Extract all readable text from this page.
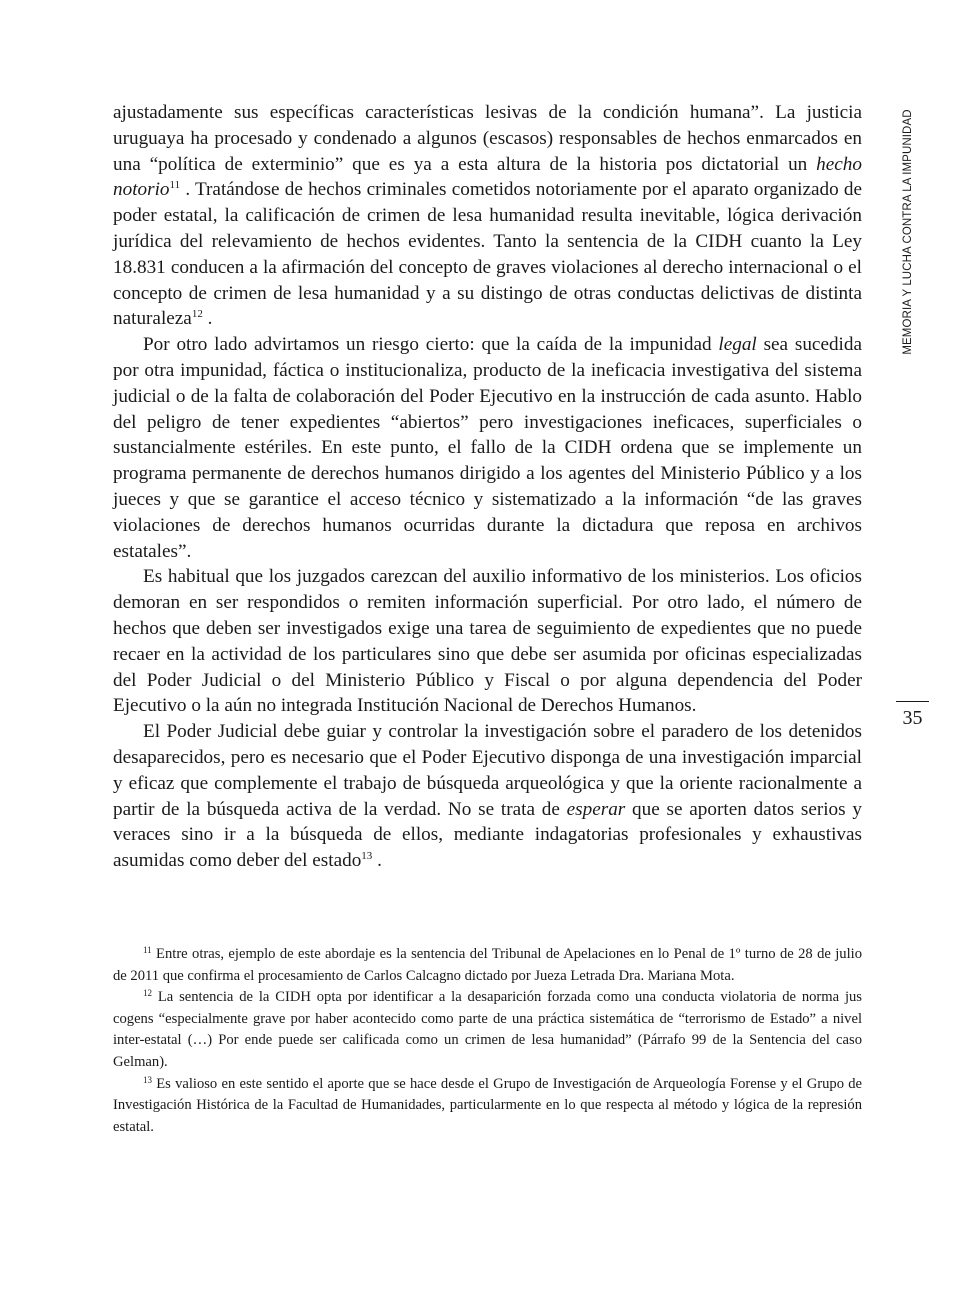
MEMORIA Y LUCHA CONTRA LA IMPUNIDAD
35

ajustadamente sus específicas características lesivas de la condición humana”. La justicia uruguaya ha procesado y condenado a algunos (escasos) responsables de hechos enmarcados en una “política de exterminio” que es ya a esta altura de la historia pos dictatorial un hecho notorio$^{11}$ . Tratándose de hechos criminales cometidos notoriamente por el aparato organizado de poder estatal, la calificación de crimen de lesa humanidad resulta inevitable, lógica derivación jurídica del relevamiento de hechos evidentes. Tanto la sentencia de la CIDH cuanto la Ley 18.831 conducen a la afirmación del concepto de graves violaciones al derecho internacional o el concepto de crimen de lesa humanidad y a su distingo de otras conductas delictivas de distinta naturaleza$^{12}$ .

Por otro lado advirtamos un riesgo cierto: que la caída de la impunidad legal sea sucedida por otra impunidad, fáctica o institucionaliza, producto de la ineficacia investigativa del sistema judicial o de la falta de colaboración del Poder Ejecutivo en la instrucción de cada asunto. Hablo del peligro de tener expedientes “abiertos” pero investigaciones ineficaces, superficiales o sustancialmente estériles. En este punto, el fallo de la CIDH ordena que se implemente un programa permanente de derechos humanos dirigido a los agentes del Ministerio Público y a los jueces y que se garantice el acceso técnico y sistematizado a la información “de las graves violaciones de derechos humanos ocurridas durante la dictadura que reposa en archivos estatales”.

Es habitual que los juzgados carezcan del auxilio informativo de los ministerios. Los oficios demoran en ser respondidos o remiten información superficial. Por otro lado, el número de hechos que deben ser investigados exige una tarea de seguimiento de expedientes que no puede recaer en la actividad de los particulares sino que debe ser asumida por oficinas especializadas del Poder Judicial o del Ministerio Público y Fiscal o por alguna dependencia del Poder Ejecutivo o la aún no integrada Institución Nacional de Derechos Humanos.

El Poder Judicial debe guiar y controlar la investigación sobre el paradero de los detenidos desaparecidos, pero es necesario que el Poder Ejecutivo disponga de una investigación imparcial y eficaz que complemente el trabajo de búsqueda arqueológica y que la oriente racionalmente a partir de la búsqueda activa de la verdad. No se trata de esperar que se aporten datos serios y veraces sino ir a la búsqueda de ellos, mediante indagatorias profesionales y exhaustivas asumidas como deber del estado$^{13}$ .

$^{11}$ Entre otras, ejemplo de este abordaje es la sentencia del Tribunal de Apelaciones en lo Penal de 1º turno de 28 de julio de 2011 que confirma el procesamiento de Carlos Calcagno dictado por Jueza Letrada Dra. Mariana Mota.

$^{12}$ La sentencia de la CIDH opta por identificar a la desaparición forzada como una conducta violatoria de norma jus cogens “especialmente grave por haber acontecido como parte de una práctica sistemática de “terrorismo de Estado” a nivel inter-estatal (…) Por ende puede ser calificada como un crimen de lesa humanidad” (Párrafo 99 de la Sentencia del caso Gelman).

$^{13}$ Es valioso en este sentido el aporte que se hace desde el Grupo de Investigación de Arqueología Forense y el Grupo de Investigación Histórica de la Facultad de Humanidades, particularmente en lo que respecta al método y lógica de la represión estatal.
